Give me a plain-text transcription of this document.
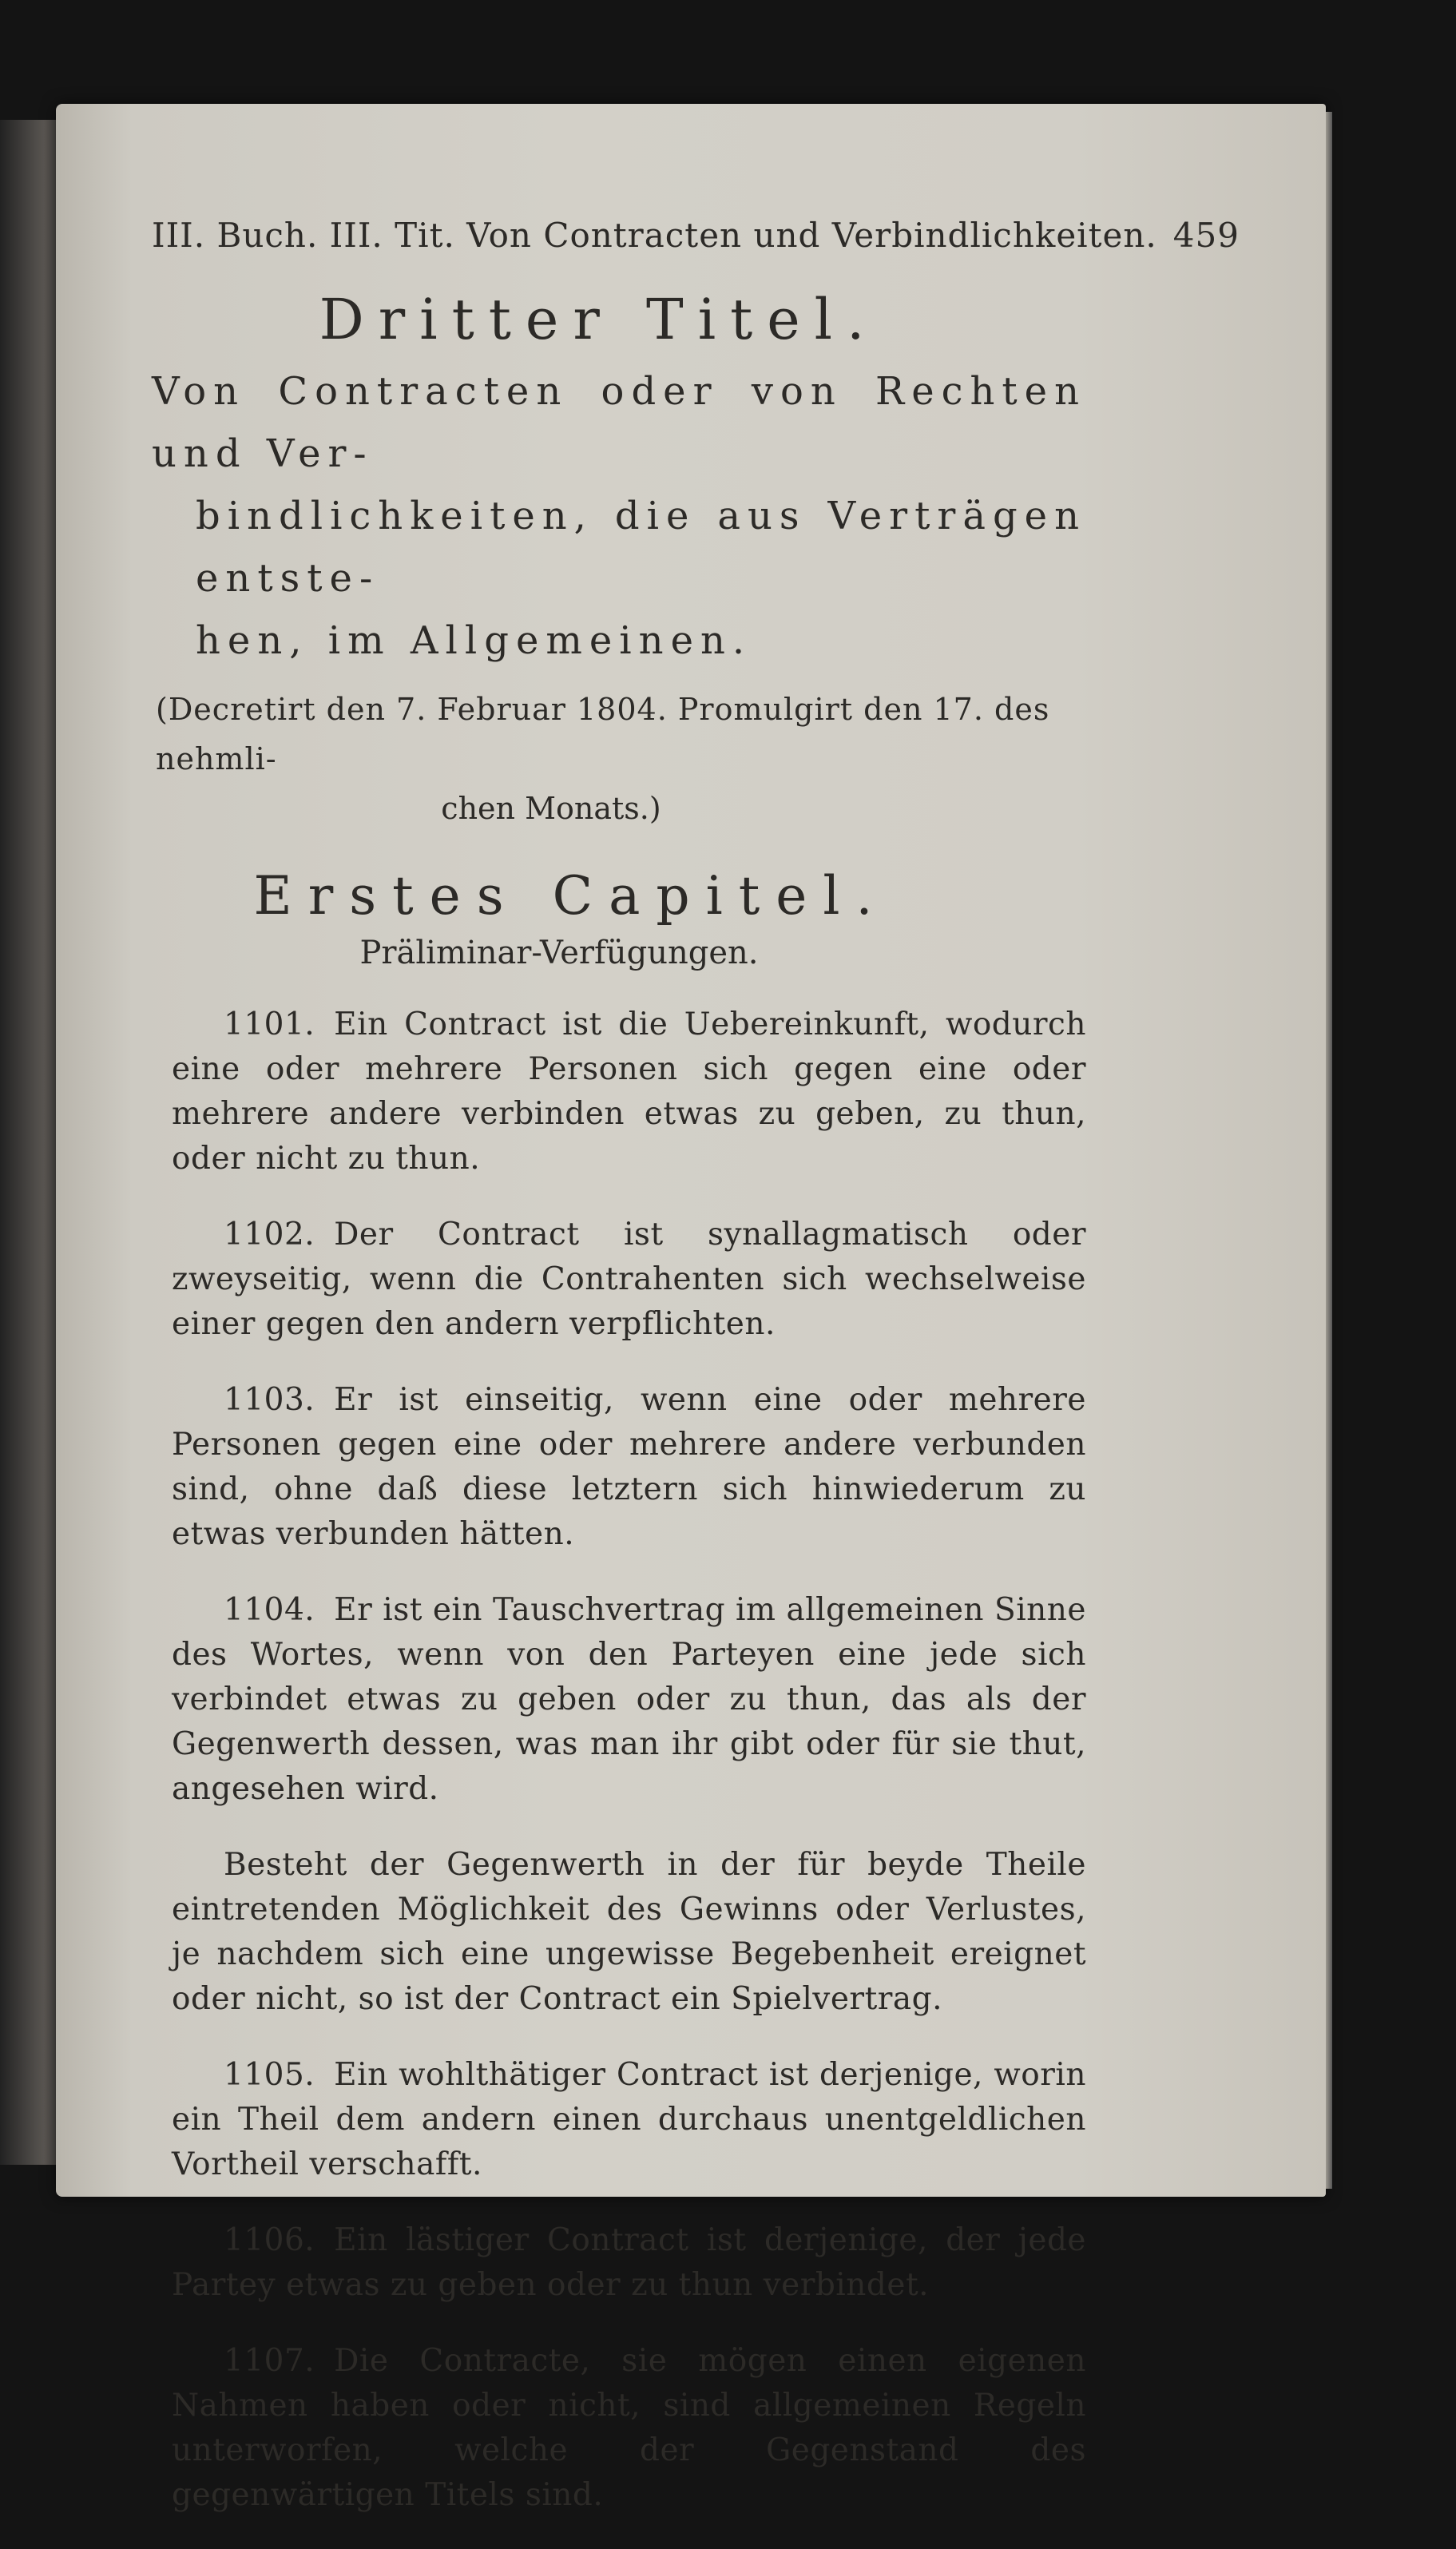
III. Buch. III. Tit. Von Contracten und Verbindlichkeiten. 459
Dritter Titel.
Von Contracten oder von Rechten und Ver-
bindlichkeiten, die aus Verträgen entste-
hen, im Allgemeinen.
(Decretirt den 7. Februar 1804. Promulgirt den 17. des nehmli-
chen Monats.)
Erstes Capitel.
Präliminar-Verfügungen.

1101. Ein Contract ist die Uebereinkunft, wodurch eine oder mehrere Personen sich gegen eine oder mehrere andere verbinden etwas zu geben, zu thun, oder nicht zu thun.

1102. Der Contract ist synallagmatisch oder zweyseitig, wenn die Contrahenten sich wechselweise einer gegen den andern verpflichten.

1103. Er ist einseitig, wenn eine oder mehrere Personen gegen eine oder mehrere andere verbunden sind, ohne daß diese letztern sich hinwiederum zu etwas verbunden hätten.

1104. Er ist ein Tauschvertrag im allgemeinen Sinne des Wortes, wenn von den Parteyen eine jede sich verbindet etwas zu geben oder zu thun, das als der Gegenwerth dessen, was man ihr gibt oder für sie thut, angesehen wird.

Besteht der Gegenwerth in der für beyde Theile eintretenden Möglichkeit des Gewinns oder Verlustes, je nachdem sich eine ungewisse Begebenheit ereignet oder nicht, so ist der Contract ein Spielvertrag.

1105. Ein wohlthätiger Contract ist derjenige, worin ein Theil dem andern einen durchaus unentgeldlichen Vortheil verschafft.

1106. Ein lästiger Contract ist derjenige, der jede Partey etwas zu geben oder zu thun verbindet.

1107. Die Contracte, sie mögen einen eigenen Nahmen haben oder nicht, sind allgemeinen Regeln unterworfen, welche der Gegenstand des gegenwärtigen Titels sind.
